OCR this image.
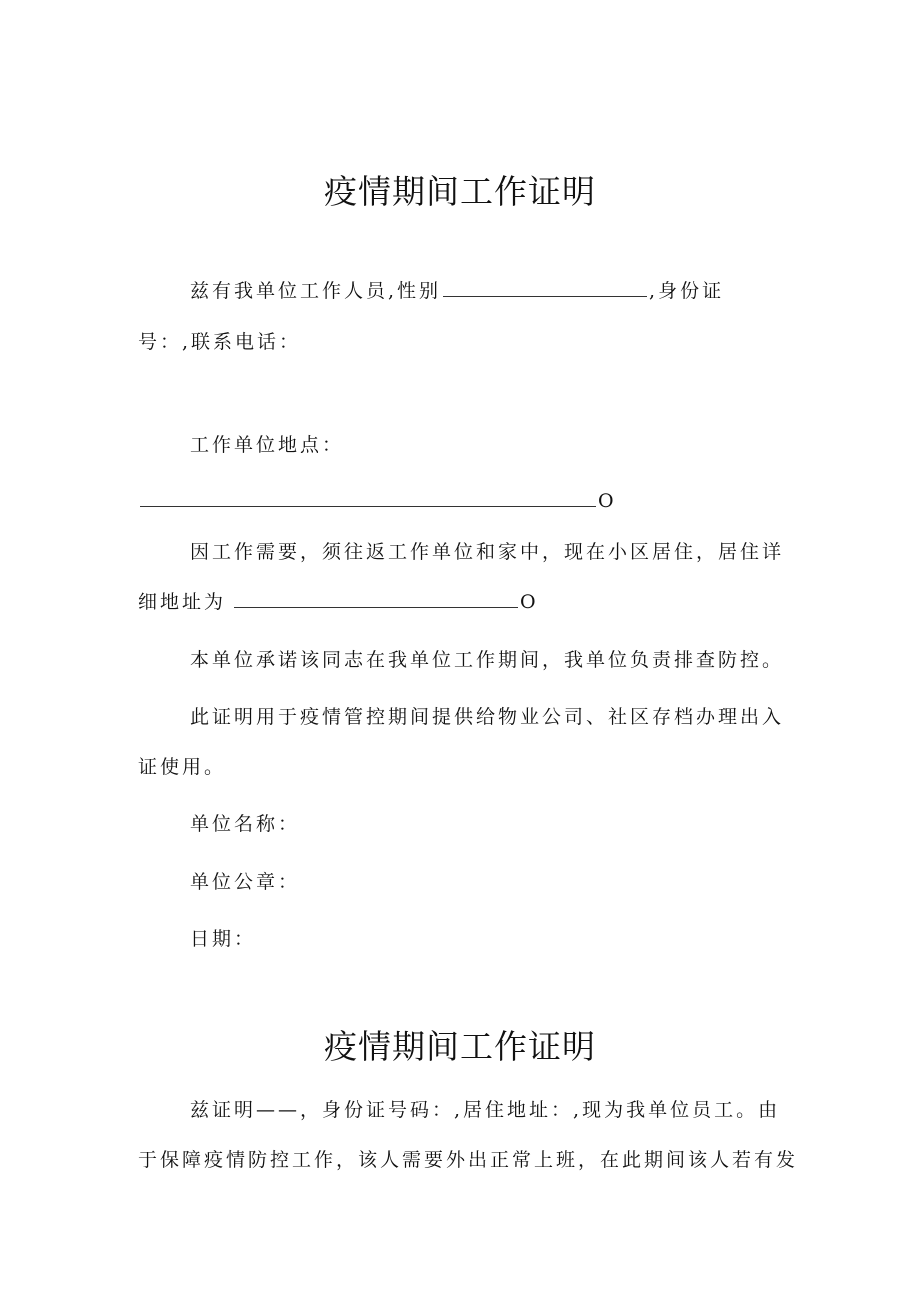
疫情期间工作证明
兹有我单位工作人员,性别	,身份证
号：,联系电话：
工作单位地点：
O
因工作需要，须往返工作单位和家中，现在小区居住，居住详
细地址为	O
本单位承诺该同志在我单位工作期间，我单位负责排查防控。
此证明用于疫情管控期间提供给物业公司、社区存档办理出入
证使用。
单位名称：
单位公章：
日期：
疫情期间工作证明
兹证明——，身份证号码：,居住地址：,现为我单位员工。由
于保障疫情防控工作，该人需要外出正常上班，在此期间该人若有发
